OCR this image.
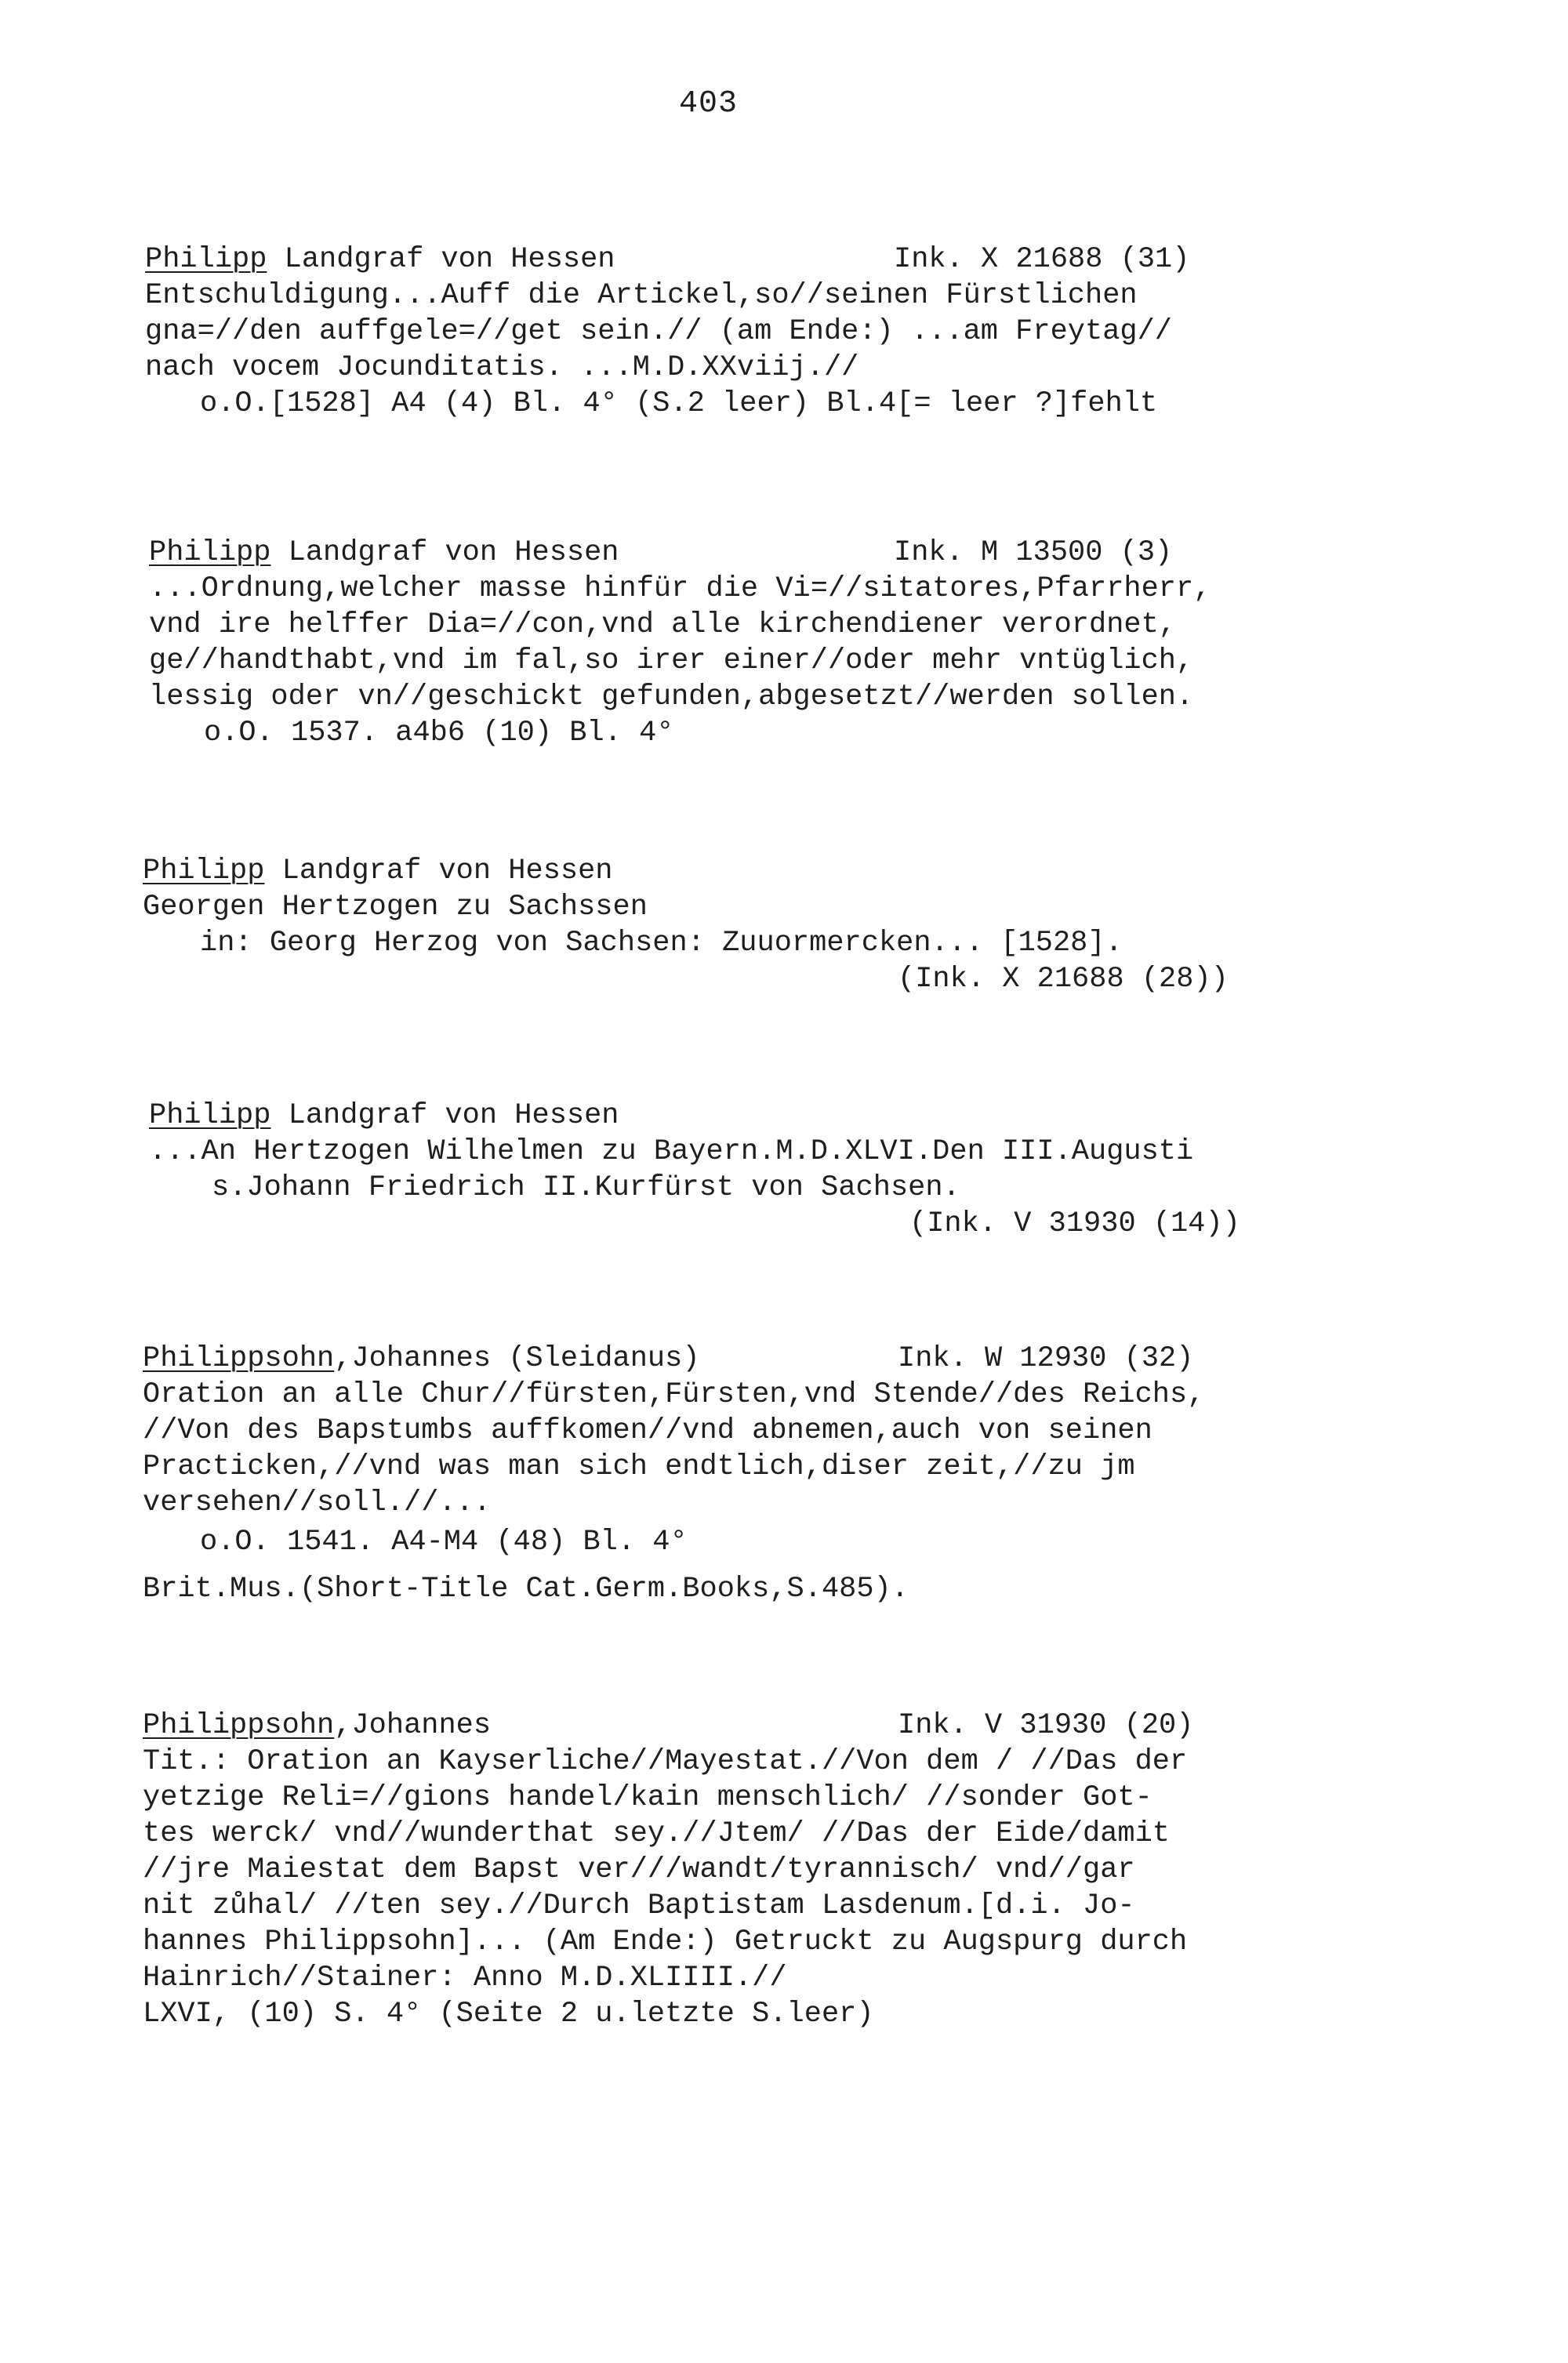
403
Philipp Landgraf von Hessen	Ink. X 21688 (31)
Entschuldigung...Auff die Artickel,so//seinen Fürstlichen
gna=//den auffgele=//get sein.// (am Ende:) ...am Freytag//
nach vocem Jocunditatis. ...M.D.XXviij.//
o.O.[1528] A4 (4) Bl. 4° (S.2 leer) Bl.4[= leer ?]fehlt
Philipp Landgraf von Hessen	Ink. M 13500 (3)
...Ordnung,welcher masse hinfür die Vi=//sitatores,Pfarrherr,
vnd ire helffer Dia=//con,vnd alle kirchendiener verordnet,
ge//handthabt,vnd im fal,so irer einer//oder mehr vntüglich,
lessig oder vn//geschickt gefunden,abgesetzt//werden sollen.
o.O. 1537. a4b6 (10) Bl. 4°
Philipp Landgraf von Hessen
Georgen Hertzogen zu Sachssen
in: Georg Herzog von Sachsen: Zuuormercken... [1528].
(Ink. X 21688 (28))
Philipp Landgraf von Hessen
...An Hertzogen Wilhelmen zu Bayern.M.D.XLVI.Den III.Augusti
s.Johann Friedrich II.Kurfürst von Sachsen.
(Ink. V 31930 (14))
Philippsohn,Johannes (Sleidanus)	Ink. W 12930 (32)
Oration an alle Chur//fürsten,Fürsten,vnd Stende//des Reichs,
//Von des Bapstumbs auffkomen//vnd abnemen,auch von seinen
Practicken,//vnd was man sich endtlich,diser zeit,//zu jm
versehen//soll.//...
o.O. 1541. A4-M4 (48) Bl. 4°
Brit.Mus.(Short-Title Cat.Germ.Books,S.485).
Philippsohn,Johannes	Ink. V 31930 (20)
Tit.: Oration an Kayserliche//Mayestat.//Von dem / //Das der
yetzige Reli=//gions handel/kain menschlich/ //sonder Got-
tes werck/ vnd//wunderthat sey.//Jtem/ //Das der Eide/damit
//jre Maiestat dem Bapst ver///wandt/tyrannisch/ vnd//gar
nit zůhal/ //ten sey.//Durch Baptistam Lasdenum.[d.i. Jo-
hannes Philippsohn]... (Am Ende:) Getruckt zu Augspurg durch
Hainrich//Stainer: Anno M.D.XLIIII.//
LXVI, (10) S. 4° (Seite 2 u.letzte S.leer)
